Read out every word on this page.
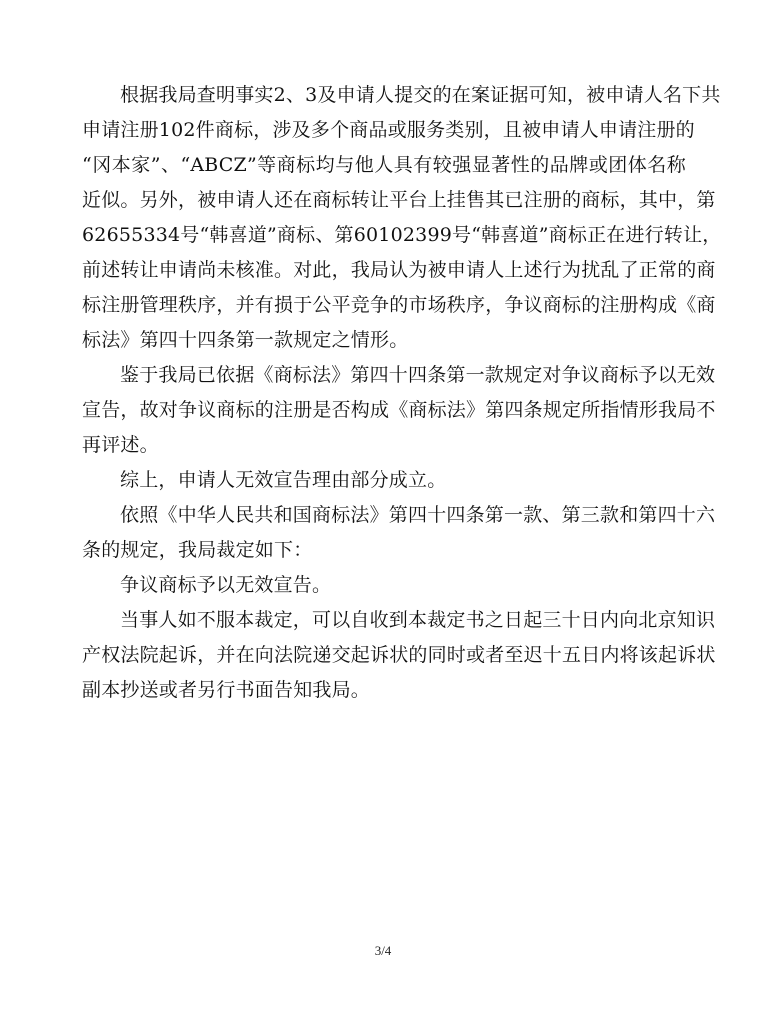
根据我局查明事实2、3及申请人提交的在案证据可知，被申请人名下共
申请注册102件商标，涉及多个商品或服务类别，且被申请人申请注册的
“冈本家”、“ABCZ”等商标均与他人具有较强显著性的品牌或团体名称
近似。另外，被申请人还在商标转让平台上挂售其已注册的商标，其中，第
62655334号“韩喜道”商标、第60102399号“韩喜道”商标正在进行转让，
前述转让申请尚未核准。对此，我局认为被申请人上述行为扰乱了正常的商
标注册管理秩序，并有损于公平竞争的市场秩序，争议商标的注册构成《商
标法》第四十四条第一款规定之情形。
鉴于我局已依据《商标法》第四十四条第一款规定对争议商标予以无效
宣告，故对争议商标的注册是否构成《商标法》第四条规定所指情形我局不
再评述。
综上，申请人无效宣告理由部分成立。
依照《中华人民共和国商标法》第四十四条第一款、第三款和第四十六
条的规定，我局裁定如下：
争议商标予以无效宣告。
当事人如不服本裁定，可以自收到本裁定书之日起三十日内向北京知识
产权法院起诉，并在向法院递交起诉状的同时或者至迟十五日内将该起诉状
副本抄送或者另行书面告知我局。
3/4
